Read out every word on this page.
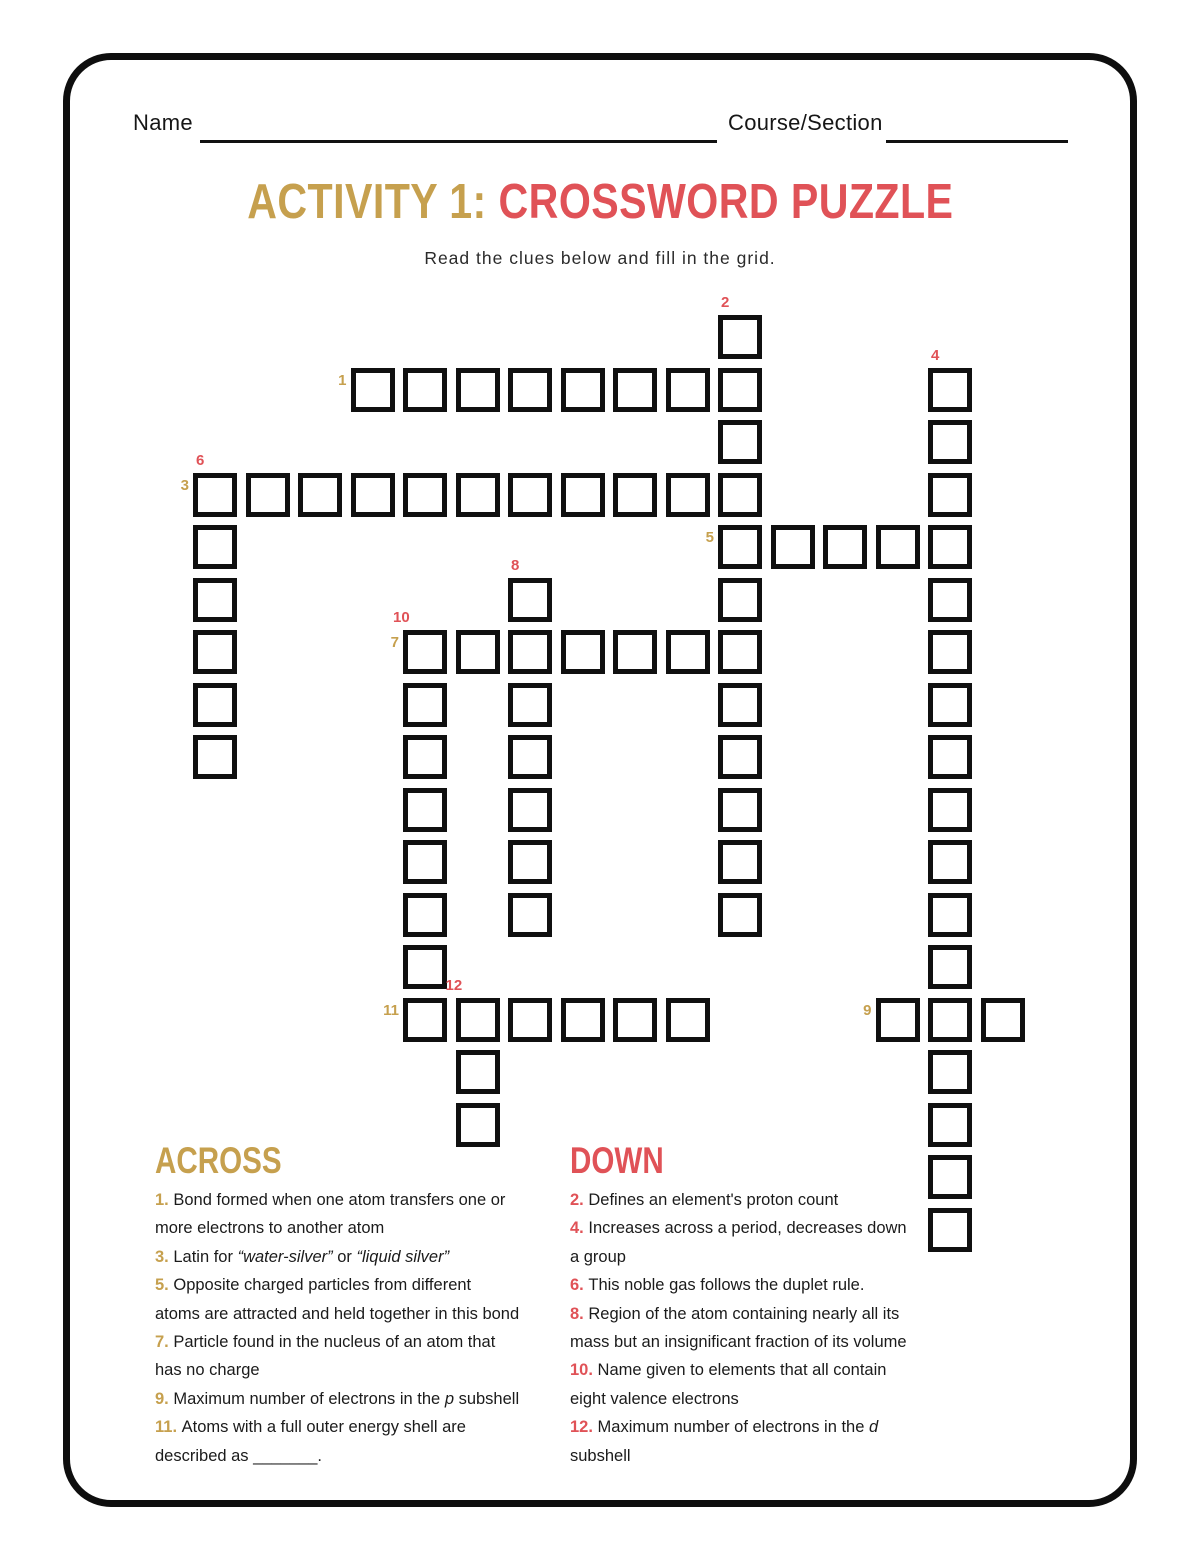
Name	Course/Section
ACTIVITY 1: CROSSWORD PUZZLE
Read the clues below and fill in the grid.
1
2
3
4
5
6
7
8
9
10
11
12
ACROSS
1. Bond formed when one atom transfers one or more electrons to another atom
3. Latin for “water-silver” or “liquid silver”
5. Opposite charged particles from different atoms are attracted and held together in this bond
7. Particle found in the nucleus of an atom that has no charge
9. Maximum number of electrons in the p subshell
11. Atoms with a full outer energy shell are described as _______.
DOWN
2. Defines an element's proton count
4. Increases across a period, decreases down a group
6. This noble gas follows the duplet rule.
8. Region of the atom containing nearly all its mass but an insignificant fraction of its volume
10. Name given to elements that all contain eight valence electrons
12. Maximum number of electrons in the d subshell
